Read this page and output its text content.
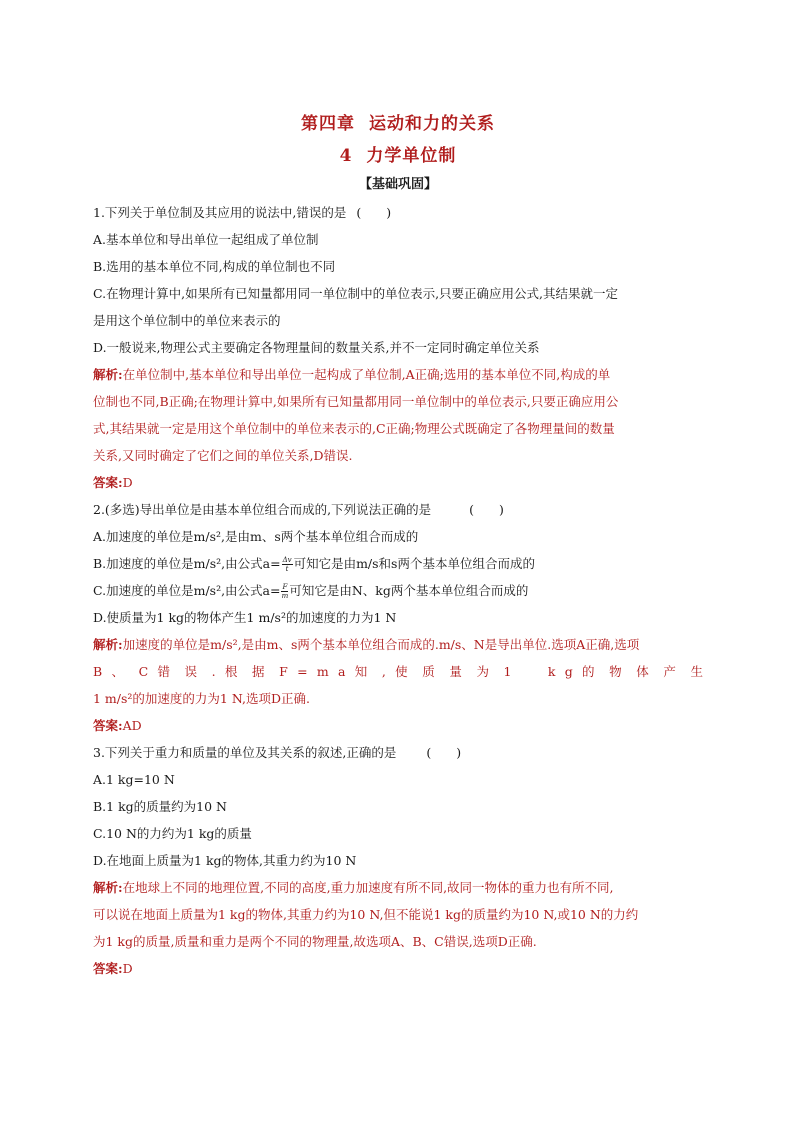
第四章 运动和力的关系
4 力学单位制
【基础巩固】

1.下列关于单位制及其应用的说法中,错误的是 (　　)

A.基本单位和导出单位一起组成了单位制

B.选用的基本单位不同,构成的单位制也不同

C.在物理计算中,如果所有已知量都用同一单位制中的单位表示,只要正确应用公式,其结果就一定

是用这个单位制中的单位来表示的

D.一般说来,物理公式主要确定各物理量间的数量关系,并不一定同时确定单位关系

解析:在单位制中,基本单位和导出单位一起构成了单位制,A正确;选用的基本单位不同,构成的单

位制也不同,B正确;在物理计算中,如果所有已知量都用同一单位制中的单位表示,只要正确应用公

式,其结果就一定是用这个单位制中的单位来表示的,C正确;物理公式既确定了各物理量间的数量

关系,又同时确定了它们之间的单位关系,D错误.

答案:D

2.(多选)导出单位是由基本单位组合而成的,下列说法正确的是	(　　)

A.加速度的单位是m/s²,是由m、s两个基本单位组合而成的

B.加速度的单位是m/s²,由公式$a= \frac{\Delta v}{t}$ 可知它是由m/s和s两个基本单位组合而成的

C.加速度的单位是m/s²,由公式$a= \frac{F}{m}$ 可知它是由N、kg两个基本单位组合而成的

D.使质量为1 kg的物体产生1 m/s²的加速度的力为1 N

解析:加速度的单位是m/s²,是由m、s两个基本单位组合而成的.m/s、N是导出单位.选项A正确,选项

B 、 C 错 误 . 根 据 F = m a 知 , 使 质 量 为 1 　 k g 的 物 体 产 生

1 m/s²的加速度的力为1 N,选项D正确.

答案:AD

3.下列关于重力和质量的单位及其关系的叙述,正确的是 (　　)

A.1 kg=10 N

B.1 kg的质量约为10 N

C.10 N的力约为1 kg的质量

D.在地面上质量为1 kg的物体,其重力约为10 N

解析:在地球上不同的地理位置,不同的高度,重力加速度有所不同,故同一物体的重力也有所不同,

可以说在地面上质量为1 kg的物体,其重力约为10 N,但不能说1 kg的质量约为10 N,或10 N的力约

为1 kg的质量,质量和重力是两个不同的物理量,故选项A、B、C错误,选项D正确.

答案:D
